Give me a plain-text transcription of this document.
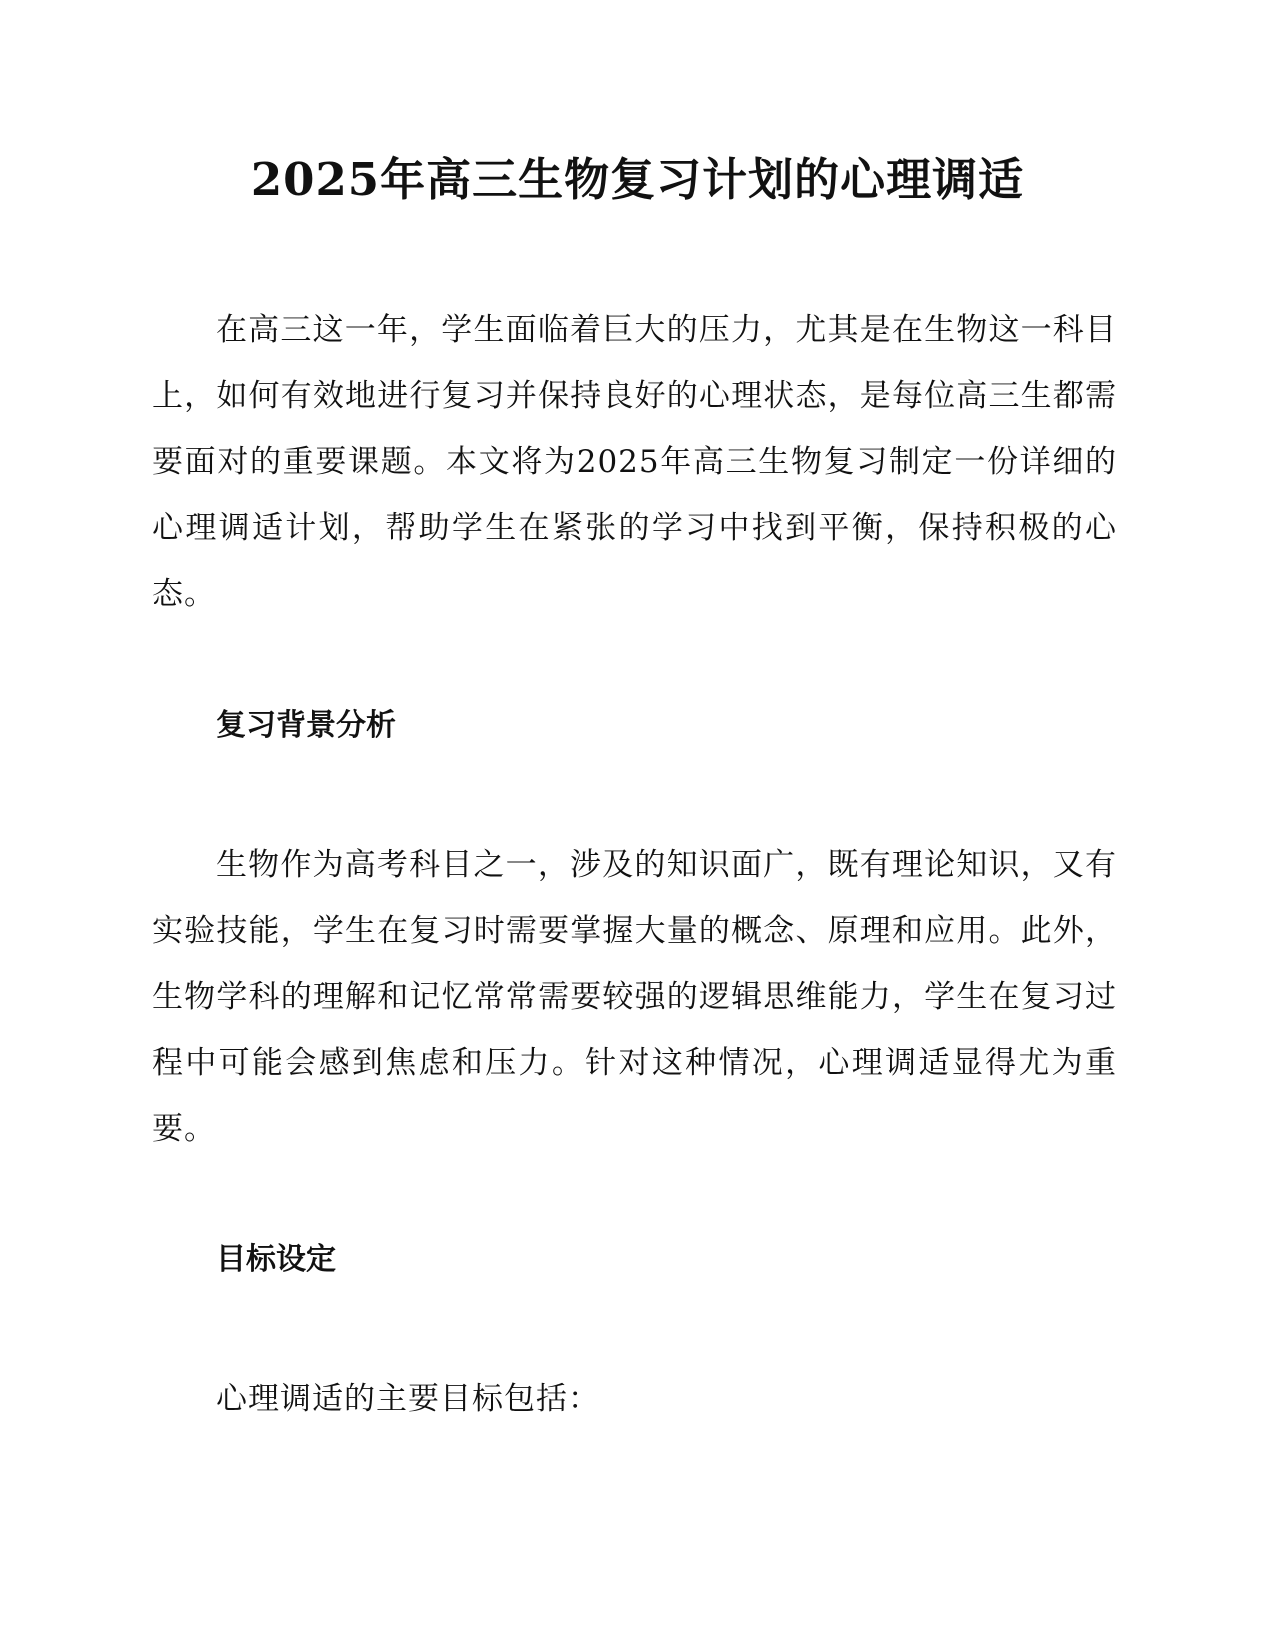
2025年高三生物复习计划的心理调适

在高三这一年，学生面临着巨大的压力，尤其是在生物这一科目上，如何有效地进行复习并保持良好的心理状态，是每位高三生都需要面对的重要课题。本文将为2025年高三生物复习制定一份详细的心理调适计划，帮助学生在紧张的学习中找到平衡，保持积极的心态。

复习背景分析

生物作为高考科目之一，涉及的知识面广，既有理论知识，又有实验技能，学生在复习时需要掌握大量的概念、原理和应用。此外，生物学科的理解和记忆常常需要较强的逻辑思维能力，学生在复习过程中可能会感到焦虑和压力。针对这种情况，心理调适显得尤为重要。

目标设定

心理调适的主要目标包括：
